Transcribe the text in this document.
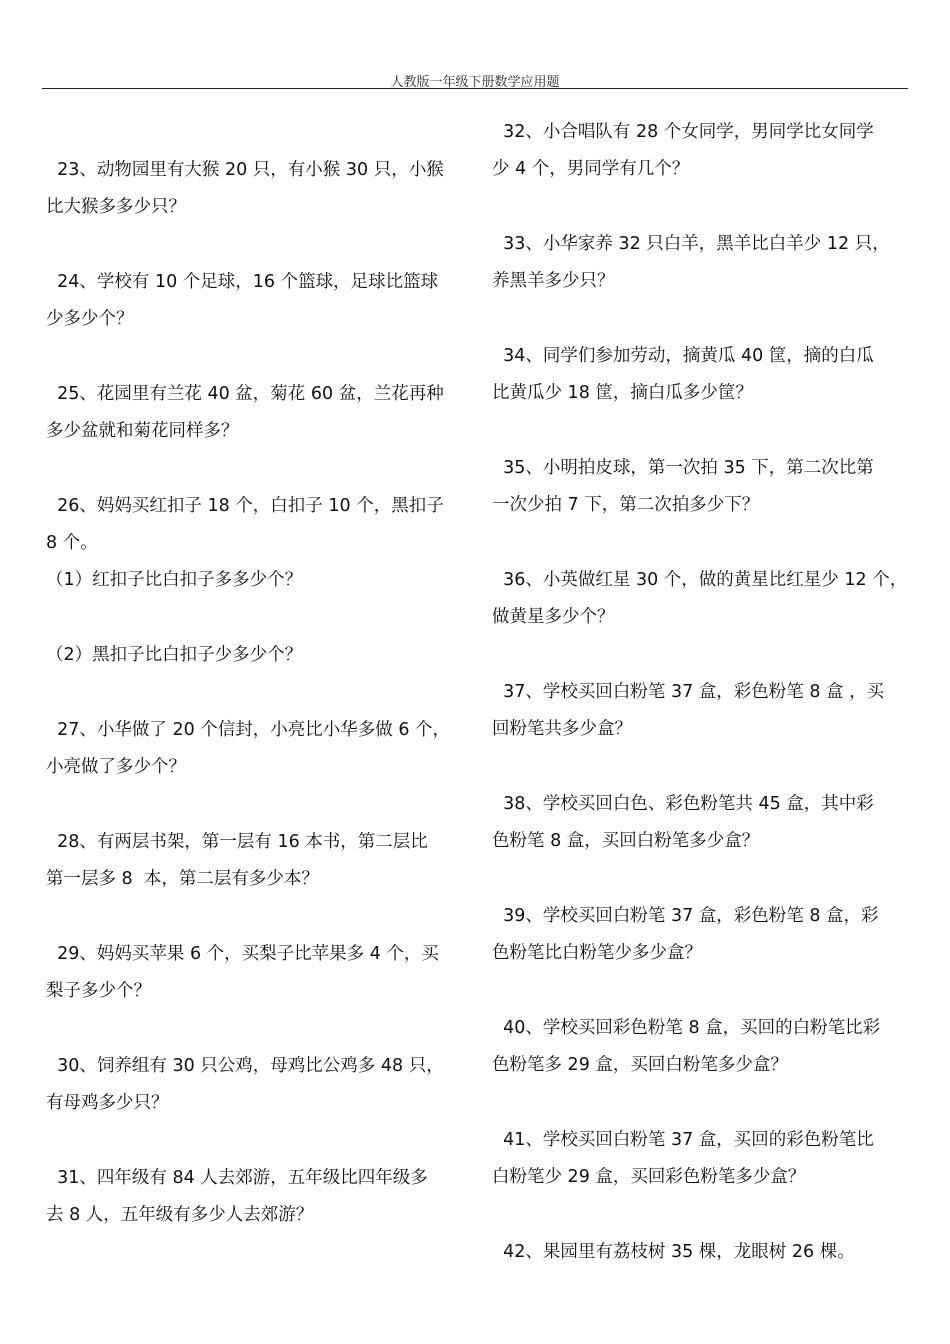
人教版一年级下册数学应用题

23、动物园里有大猴 20 只，有小猴 30 只，小猴
比大猴多多少只？

24、学校有 10 个足球，16 个篮球，足球比篮球
少多少个？

25、花园里有兰花 40 盆，菊花 60 盆，兰花再种
多少盆就和菊花同样多？

26、妈妈买红扣子 18 个，白扣子 10 个，黑扣子
8 个。
（1）红扣子比白扣子多多少个？

（2）黑扣子比白扣子少多少个？

27、小华做了 20 个信封，小亮比小华多做 6 个，
小亮做了多少个？

28、有两层书架，第一层有 16 本书，第二层比
第一层多 8  本，第二层有多少本？

29、妈妈买苹果 6 个，买梨子比苹果多 4 个，买
梨子多少个？

30、饲养组有 30 只公鸡，母鸡比公鸡多 48 只，
有母鸡多少只？

31、四年级有 84 人去郊游，五年级比四年级多
去 8 人，五年级有多少人去郊游？

32、小合唱队有 28 个女同学，男同学比女同学
少 4 个，男同学有几个？

33、小华家养 32 只白羊，黑羊比白羊少 12 只，
养黑羊多少只？

34、同学们参加劳动，摘黄瓜 40 筐，摘的白瓜
比黄瓜少 18 筐，摘白瓜多少筐？

35、小明拍皮球，第一次拍 35 下，第二次比第
一次少拍 7 下，第二次拍多少下？

36、小英做红星 30 个，做的黄星比红星少 12 个，
做黄星多少个？

37、学校买回白粉笔 37 盒，彩色粉笔 8 盒 ，买
回粉笔共多少盒？

38、学校买回白色、彩色粉笔共 45 盒，其中彩
色粉笔 8 盒，买回白粉笔多少盒？

39、学校买回白粉笔 37 盒，彩色粉笔 8 盒，彩
色粉笔比白粉笔少多少盒？

40、学校买回彩色粉笔 8 盒，买回的白粉笔比彩
色粉笔多 29 盒，买回白粉笔多少盒？

41、学校买回白粉笔 37 盒，买回的彩色粉笔比
白粉笔少 29 盒，买回彩色粉笔多少盒？

42、果园里有荔枝树 35 棵，龙眼树 26 棵。
